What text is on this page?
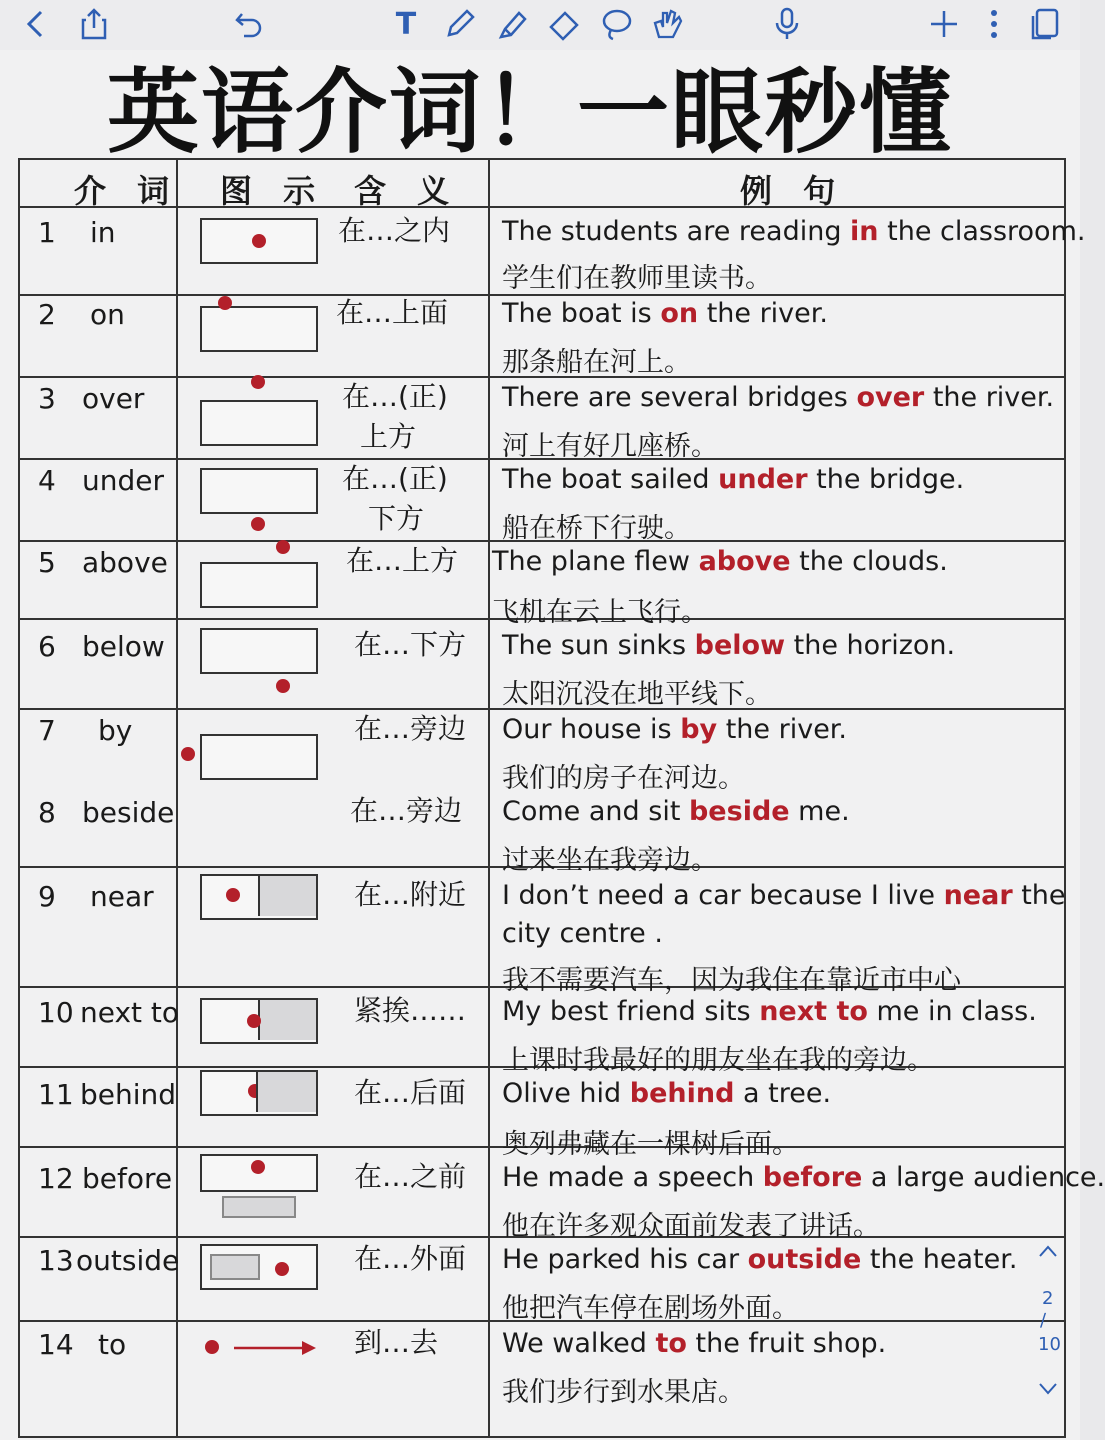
T
英语介词！一眼秒懂
介 词 图 示 含 义	例 句
1 in	在…之内 The students are reading in the classroom.
学生们在教师里读书。
2 on	在…上面 The boat is on the river.
那条船在河上。
3 over	在…(正)
上方
There are several bridges over the river.
河上有好几座桥。
4 under	在…(正)
下方
The boat sailed under the bridge.
船在桥下行驶。
5 above	在…上方 The plane flew above the clouds.
飞机在云上飞行。
6 below	在…下方 The sun sinks below the horizon.
太阳沉没在地平线下。
7 by	在…旁边 Our house is by the river.
我们的房子在河边。
8 beside	在…旁边 Come and sit beside me.
过来坐在我旁边。
9 near	在…附近 I don’t need a car because I live near the
city centre .
我不需要汽车，因为我住在靠近市中心
10 next to	紧挨…… My best friend sits next to me in class.
上课时我最好的朋友坐在我的旁边。
11 behind	在…后面 Olive hid behind a tree.
奥列弗藏在一棵树后面。
12 before	在…之前 He made a speech before a large audience.
他在许多观众面前发表了讲话。
13 outside	在…外面 He parked his car outside the heater.
他把汽车停在剧场外面。
14 to	到…去 We walked to the fruit shop.
我们步行到水果店。
2
∕
10
